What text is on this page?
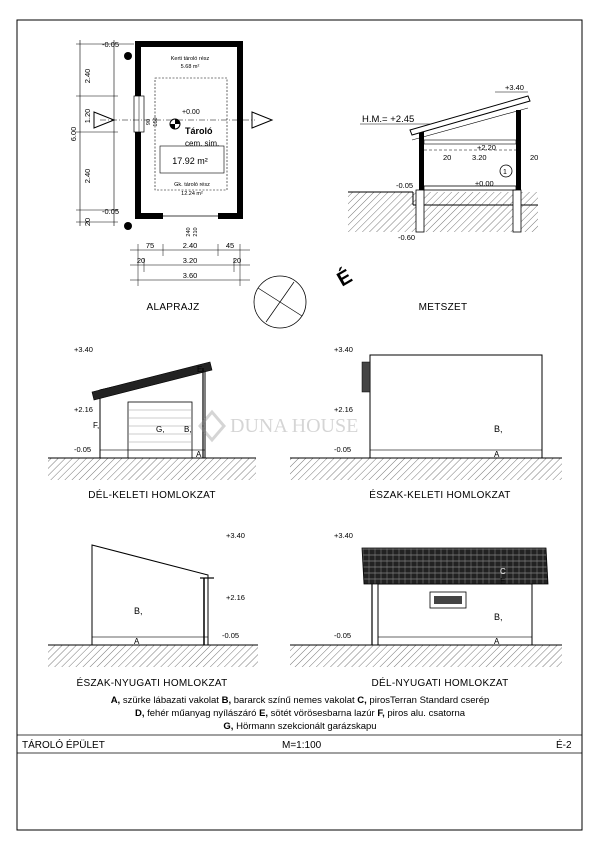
Kerti tároló rész
5.68 m²
+0.00
Tároló
cem. sim.
17.92 m²
Gk. tároló rész
12.24 m²
-0.05
-0.05
2.40
1.20
2.40
20
6.00
90 150
240 210
75	2.40	45
20	3.20	20
3.60
ALAPRAJZ
É
H.M.= +2.45
+3.40
+2.20
20	3.20	20
±0.00
-0.05
-0.60
1
METSZET
+3.40
+2.16
-0.05
G, B,
F,
A
E
DÉL-KELETI HOMLOKZAT
+3.40
+2.16
-0.05
B,
A
ÉSZAK-KELETI HOMLOKZAT
+3.40
+2.16
-0.05
B,
A
ÉSZAK-NYUGATI HOMLOKZAT
+3.40
-0.05
B,
A
C
E
DÉL-NYUGATI HOMLOKZAT
DUNA HOUSE
A, szürke lábazati vakolat B, bararck színű nemes vakolat C, pirosTerran Standard cserép
D, fehér műanyag nyílászáró E, sötét vörösesbarna lazúr F, piros alu. csatorna
G, Hörmann szekcionált garázskapu
TÁROLÓ ÉPÜLET	M=1:100	É-2
